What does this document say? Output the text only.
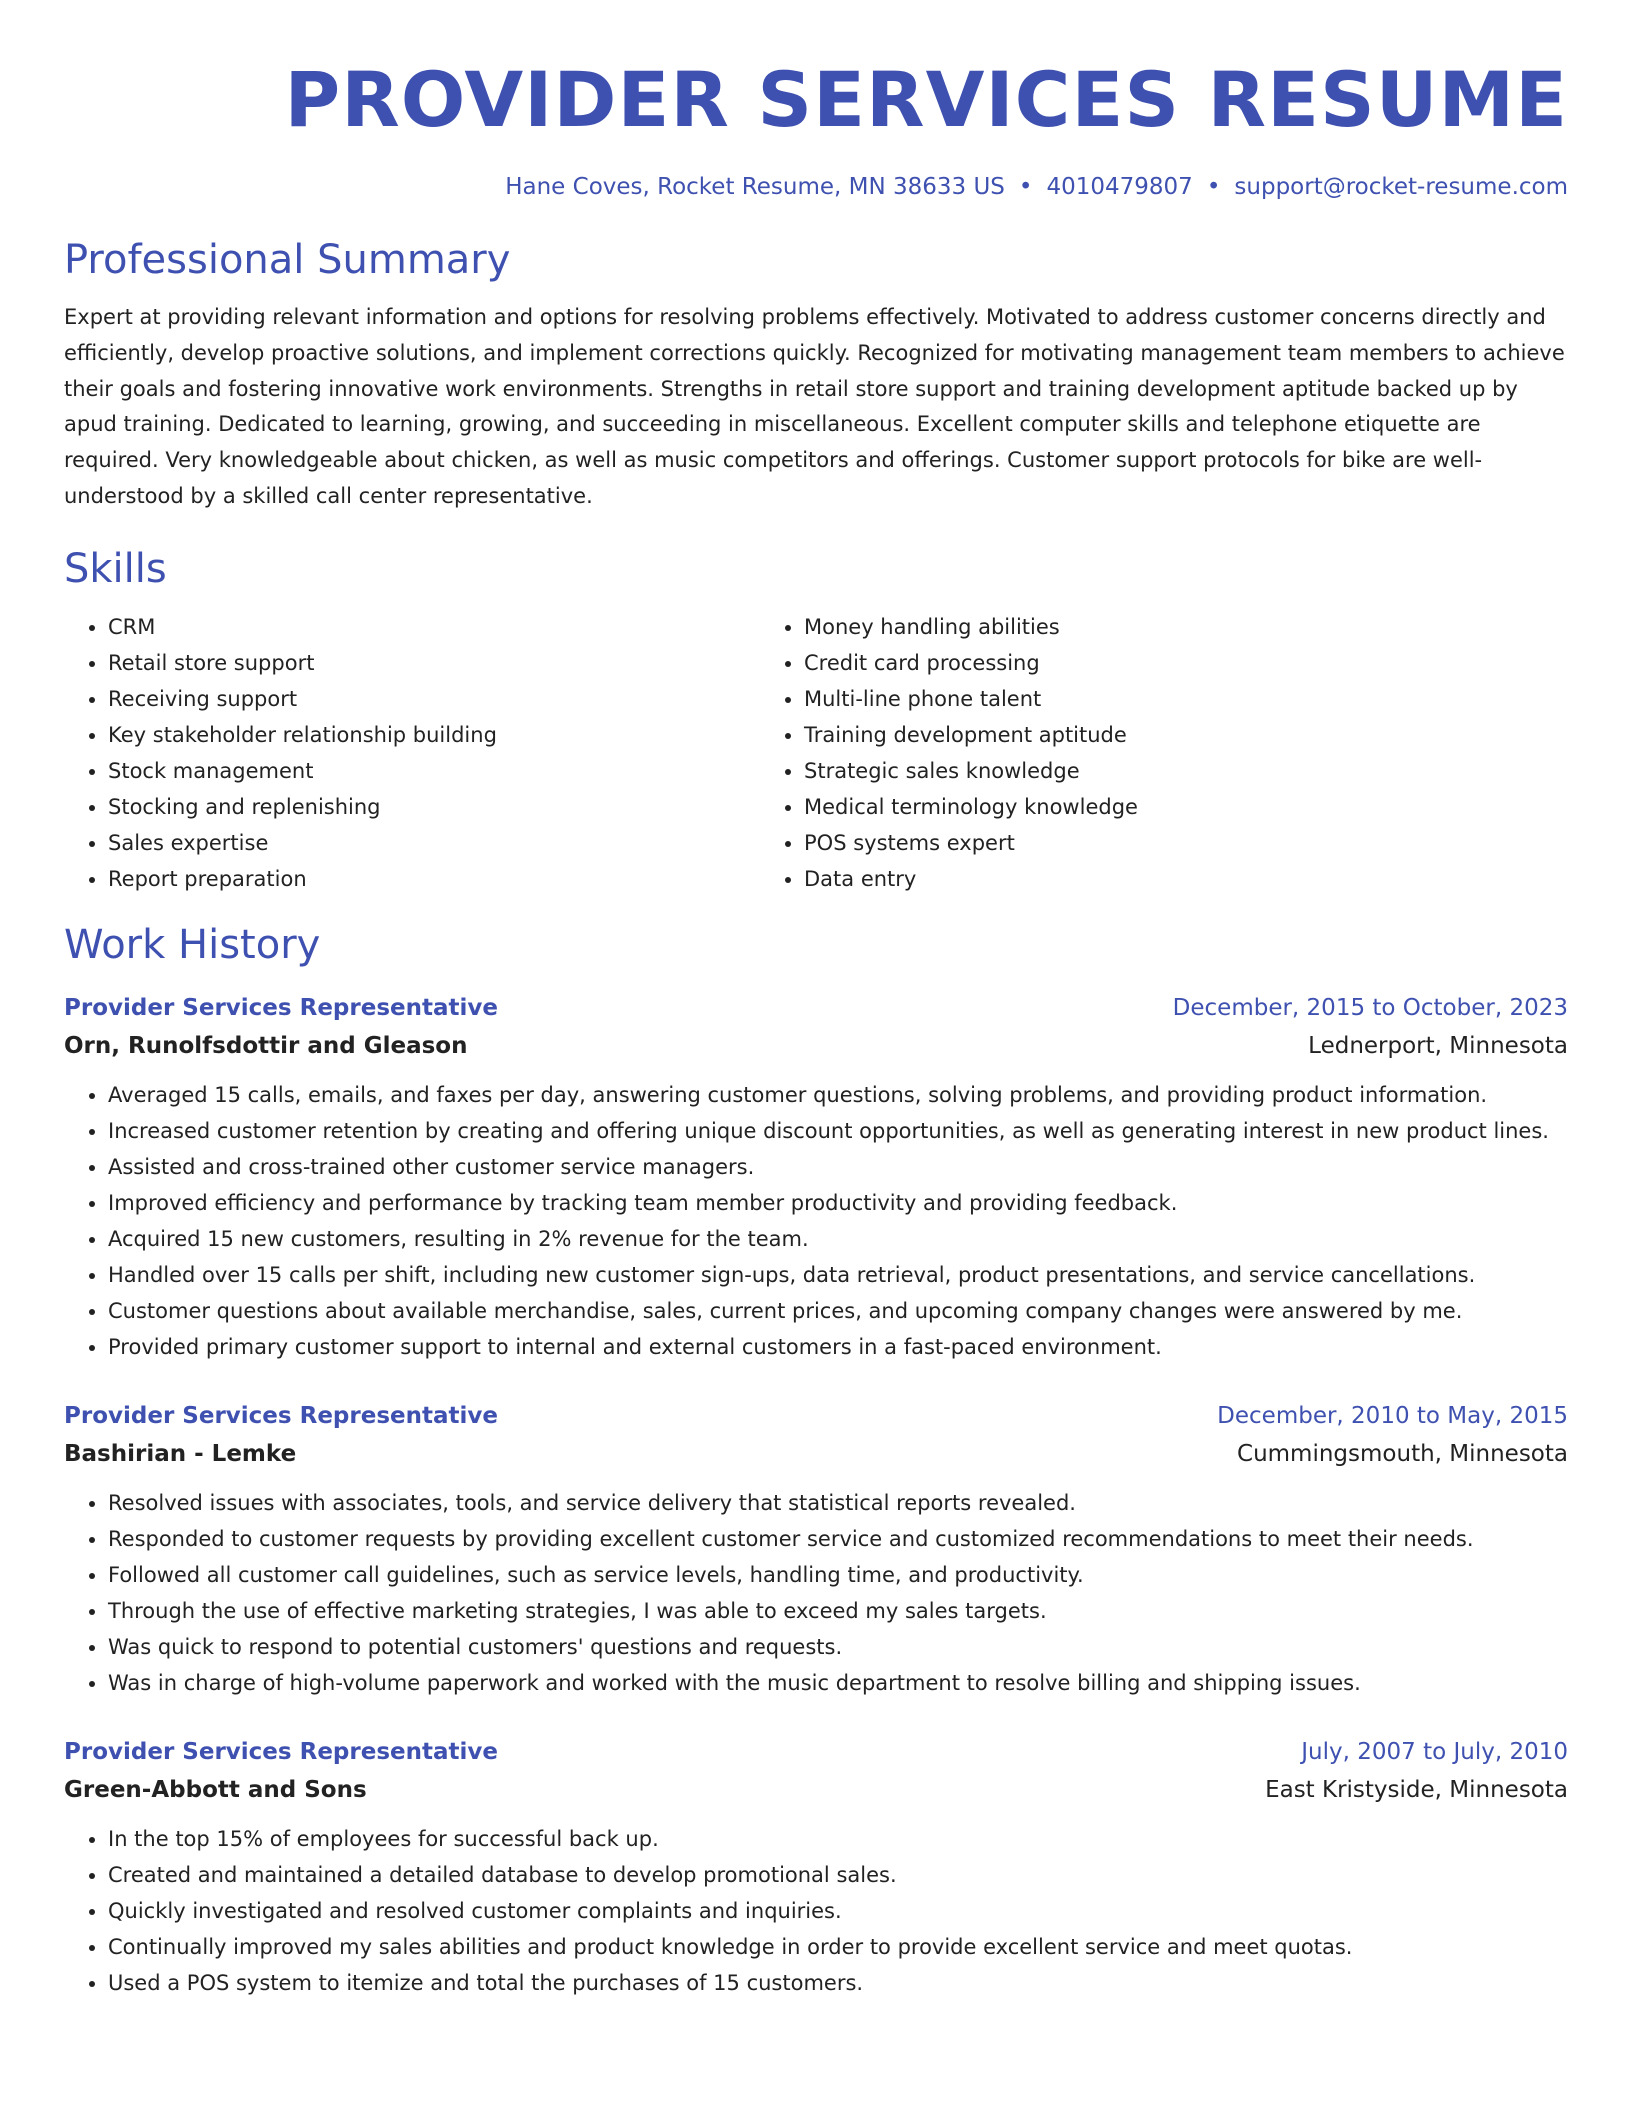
PROVIDER SERVICES RESUME
Hane Coves, Rocket Resume, MN 38633 US • 4010479807 • support@rocket-resume.com
Professional Summary

Expert at providing relevant information and options for resolving problems effectively. Motivated to address customer concerns directly and efficiently, develop proactive solutions, and implement corrections quickly. Recognized for motivating management team members to achieve their goals and fostering innovative work environments. Strengths in retail store support and training development aptitude backed up by apud training. Dedicated to learning, growing, and succeeding in miscellaneous. Excellent computer skills and telephone etiquette are required. Very knowledgeable about chicken, as well as music competitors and offerings. Customer support protocols for bike are well-understood by a skilled call center representative.

Skills
• CRM
• Retail store support
• Receiving support
• Key stakeholder relationship building
• Stock management
• Stocking and replenishing
• Sales expertise
• Report preparation
• Money handling abilities
• Credit card processing
• Multi-line phone talent
• Training development aptitude
• Strategic sales knowledge
• Medical terminology knowledge
• POS systems expert
• Data entry
Work History
Provider Services Representative	December, 2015 to October, 2023
Orn, Runolfsdottir and Gleason	Lednerport, Minnesota
• Averaged 15 calls, emails, and faxes per day, answering customer questions, solving problems, and providing product information.
• Increased customer retention by creating and offering unique discount opportunities, as well as generating interest in new product lines.
• Assisted and cross-trained other customer service managers.
• Improved efficiency and performance by tracking team member productivity and providing feedback.
• Acquired 15 new customers, resulting in 2% revenue for the team.
• Handled over 15 calls per shift, including new customer sign-ups, data retrieval, product presentations, and service cancellations.
• Customer questions about available merchandise, sales, current prices, and upcoming company changes were answered by me.
• Provided primary customer support to internal and external customers in a fast-paced environment.
Provider Services Representative	December, 2010 to May, 2015
Bashirian - Lemke	Cummingsmouth, Minnesota
• Resolved issues with associates, tools, and service delivery that statistical reports revealed.
• Responded to customer requests by providing excellent customer service and customized recommendations to meet their needs.
• Followed all customer call guidelines, such as service levels, handling time, and productivity.
• Through the use of effective marketing strategies, I was able to exceed my sales targets.
• Was quick to respond to potential customers' questions and requests.
• Was in charge of high-volume paperwork and worked with the music department to resolve billing and shipping issues.
Provider Services Representative	July, 2007 to July, 2010
Green-Abbott and Sons	East Kristyside, Minnesota
• In the top 15% of employees for successful back up.
• Created and maintained a detailed database to develop promotional sales.
• Quickly investigated and resolved customer complaints and inquiries.
• Continually improved my sales abilities and product knowledge in order to provide excellent service and meet quotas.
• Used a POS system to itemize and total the purchases of 15 customers.
